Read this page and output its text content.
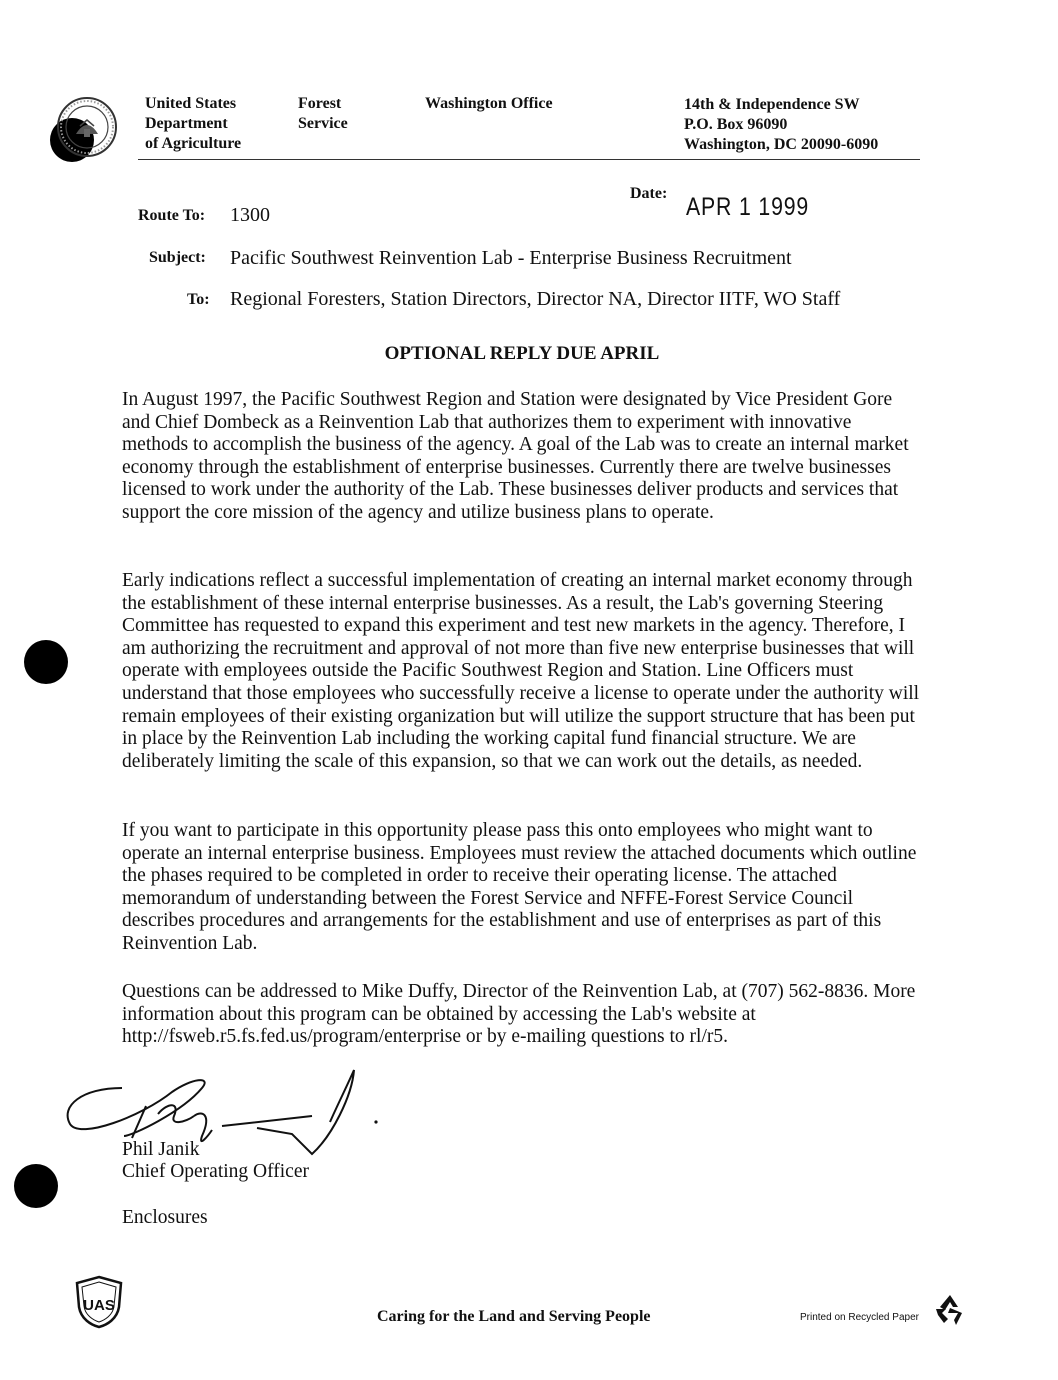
United States
Department
of Agriculture
Forest
Service
Washington Office	14th & Independence SW
P.O. Box 96090
Washington, DC 20090-6090
Date: APR 1 1999
Route To: 1300
Subject: Pacific Southwest Reinvention Lab - Enterprise Business Recruitment
To: Regional Foresters, Station Directors, Director NA, Director IITF, WO Staff
OPTIONAL REPLY DUE APRIL

In August 1997, the Pacific Southwest Region and Station were designated by Vice President Gore and Chief Dombeck as a Reinvention Lab that authorizes them to experiment with innovative methods to accomplish the business of the agency. A goal of the Lab was to create an internal market economy through the establishment of enterprise businesses. Currently there are twelve businesses licensed to work under the authority of the Lab. These businesses deliver products and services that support the core mission of the agency and utilize business plans to operate.

Early indications reflect a successful implementation of creating an internal market economy through the establishment of these internal enterprise businesses. As a result, the Lab's governing Steering Committee has requested to expand this experiment and test new markets in the agency. Therefore, I am authorizing the recruitment and approval of not more than five new enterprise businesses that will operate with employees outside the Pacific Southwest Region and Station. Line Officers must understand that those employees who successfully receive a license to operate under the authority will remain employees of their existing organization but will utilize the support structure that has been put in place by the Reinvention Lab including the working capital fund financial structure. We are deliberately limiting the scale of this expansion, so that we can work out the details, as needed.

If you want to participate in this opportunity please pass this onto employees who might want to operate an internal enterprise business. Employees must review the attached documents which outline the phases required to be completed in order to receive their operating license. The attached memorandum of understanding between the Forest Service and NFFE-Forest Service Council describes procedures and arrangements for the establishment and use of enterprises as part of this Reinvention Lab.

Questions can be addressed to Mike Duffy, Director of the Reinvention Lab, at (707) 562-8836. More information about this program can be obtained by accessing the Lab's website at http://fsweb.r5.fs.fed.us/program/enterprise or by e-mailing questions to rl/r5.

Phil Janik
Chief Operating Officer
Enclosures
UAS
Caring for the Land and Serving People	Printed on Recycled Paper
